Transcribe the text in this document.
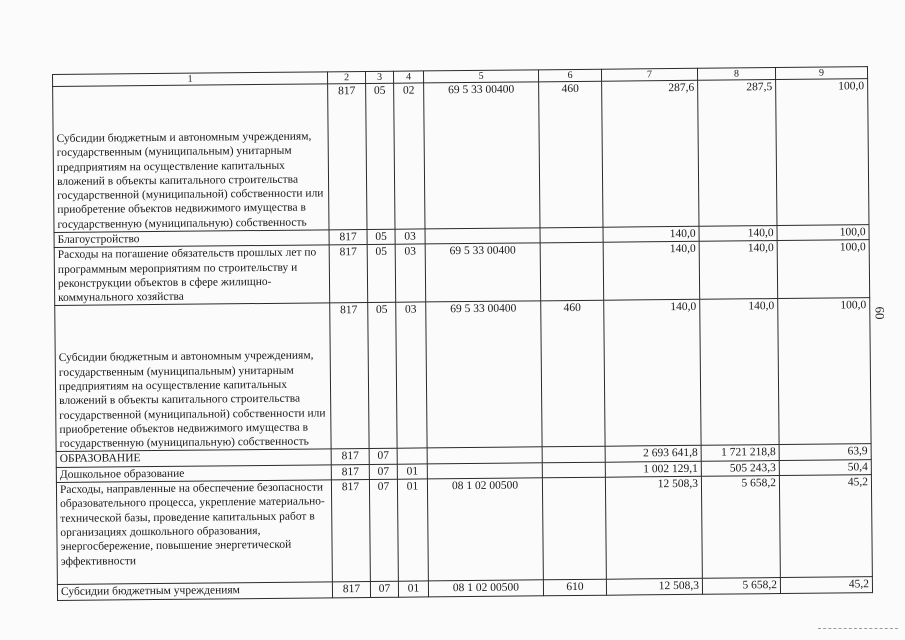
1	2	3	4	5	6	7	8	9
Субсидии бюджетным и автономным учреждениям, государственным (муниципальным) унитарным предприятиям на осуществление капитальных вложений в объекты капитального строительства государственной (муниципальной) собственности или приобретение объектов недвижимого имущества в государственную (муниципальную) собственность	817	05	02	69 5 33 00400	460	287,6	287,5	100,0
Благоустройство	817	05	03			140,0	140,0	100,0
Расходы на погашение обязательств прошлых лет по программным мероприятиям по строительству и реконструкции объектов в сфере жилищно-коммунального хозяйства	817	05	03	69 5 33 00400		140,0	140,0	100,0
Субсидии бюджетным и автономным учреждениям, государственным (муниципальным) унитарным предприятиям на осуществление капитальных вложений в объекты капитального строительства государственной (муниципальной) собственности или приобретение объектов недвижимого имущества в государственную (муниципальную) собственность	817	05	03	69 5 33 00400	460	140,0	140,0	100,0
ОБРАЗОВАНИЕ	817	07				2 693 641,8	1 721 218,8	63,9
Дошкольное образование	817	07	01			1 002 129,1	505 243,3	50,4
Расходы, направленные на обеспечение безопасности образовательного процесса, укрепление материально-технической базы, проведение капитальных работ в организациях дошкольного образования, энергосбережение, повышение энергетической эффективности	817	07	01	08 1 02 00500		12 508,3	5 658,2	45,2
Субсидии бюджетным учреждениям	817	07	01	08 1 02 00500	610	12 508,3	5 658,2	45,2
60
